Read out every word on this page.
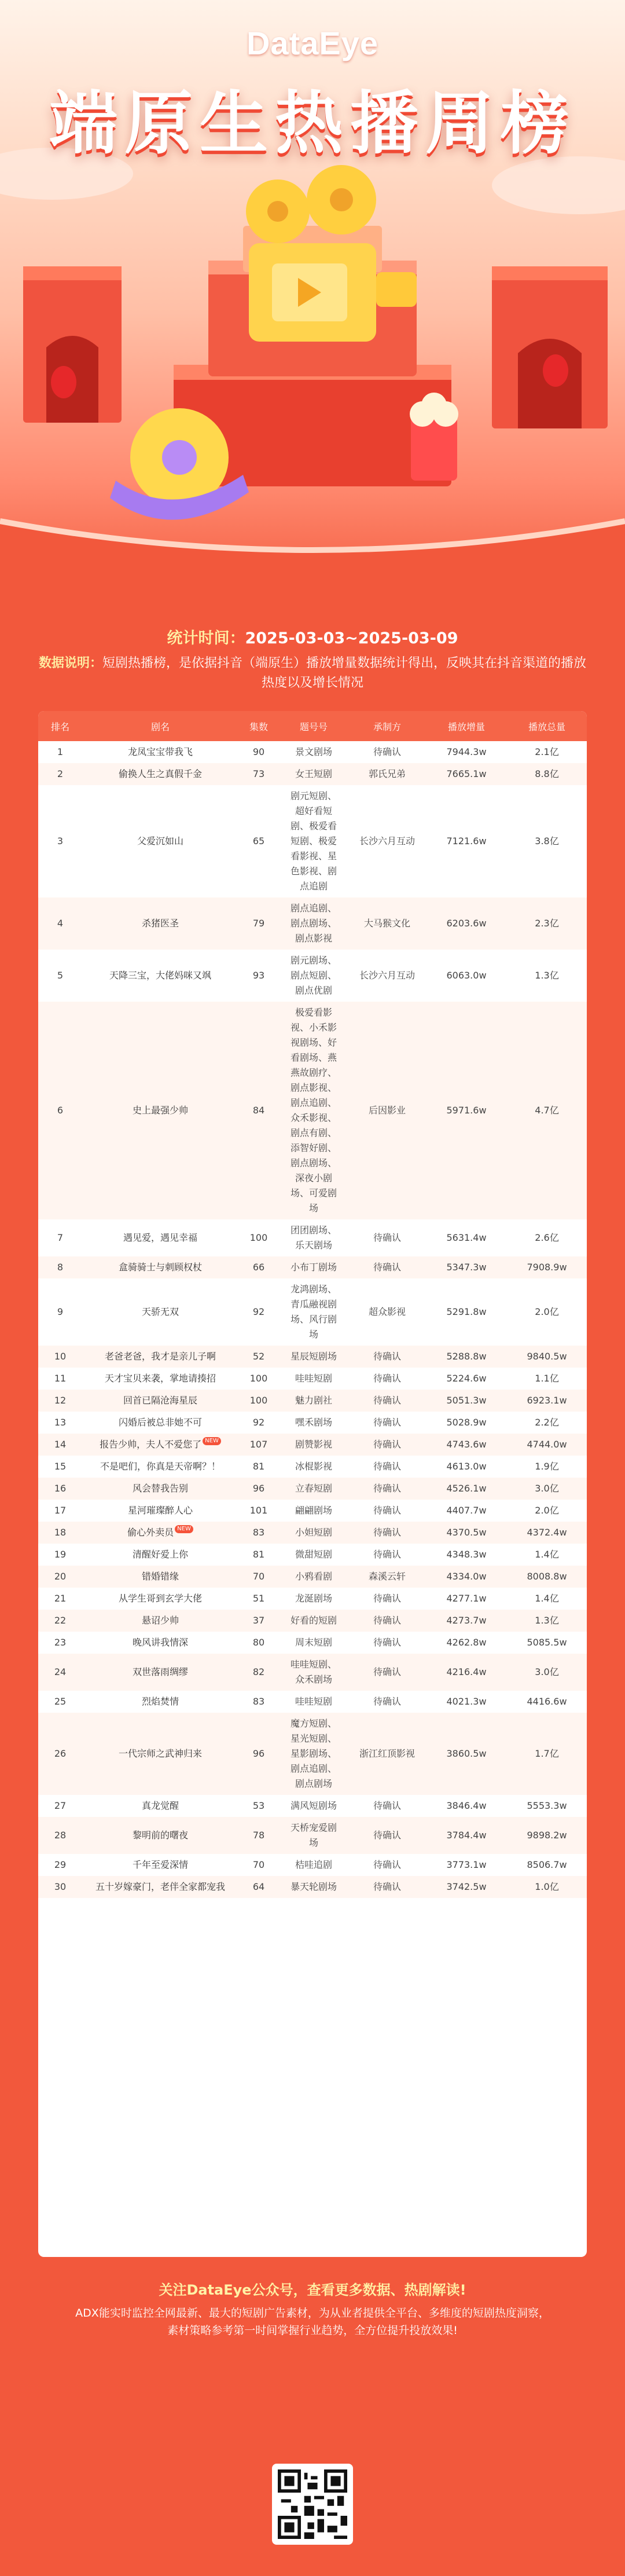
DataEye
端原生热播周榜
统计时间：2025-03-03~2025-03-09
数据说明：短剧热播榜，是依据抖音（端原生）播放增量数据统计得出，反映其在抖音渠道的播放热度以及增长情况
排名	剧名	集数	题号号	承制方	播放增量	播放总量
1	龙凤宝宝带我飞	90	景文剧场	待确认	7944.3w	2.1亿
2	偷换人生之真假千金	73	女王短剧	郭氏兄弟	7665.1w	8.8亿
3	父爱沉如山	65	剧元短剧、超好看短剧、极爱看短剧、极爱看影视、星色影视、剧点追剧	长沙六月互动	7121.6w	3.8亿
4	杀猪医圣	79	剧点追剧、剧点剧场、剧点影视	大马猴文化	6203.6w	2.3亿
5	天降三宝，大佬妈咪又飒	93	剧元剧场、剧点短剧、剧点优剧	长沙六月互动	6063.0w	1.3亿
6	史上最强少帅	84	极爱看影视、小禾影视剧场、好看剧场、燕燕故剧疗、剧点影视、剧点追剧、众禾影视、剧点有剧、添智好剧、剧点剧场、深夜小剧场、可爱剧场	后因影业	5971.6w	4.7亿
7	遇见爱，遇见幸福	100	团团剧场、乐天剧场	待确认	5631.4w	2.6亿
8	盒骑骑士与刺顾权杖	66	小布丁剧场	待确认	5347.3w	7908.9w
9	天骄无双	92	龙鸿剧场、青瓜融视剧场、风行剧场	超众影视	5291.8w	2.0亿
10	老爸老爸，我才是亲儿子啊	52	星辰短剧场	待确认	5288.8w	9840.5w
11	天才宝贝来袭，掌地请揍招	100	哇哇短剧	待确认	5224.6w	1.1亿
12	回首已隔沧海星辰	100	魅力剧社	待确认	5051.3w	6923.1w
13	闪婚后被总非她不可	92	嘿禾剧场	待确认	5028.9w	2.2亿
14	报告少帅，夫人不爱您了 NEW	107	剧赞影视	待确认	4743.6w	4744.0w
15	不是吧们，你真是天帝啊？！	81	冰棍影视	待确认	4613.0w	1.9亿
16	风会替我告别	96	立春短剧	待确认	4526.1w	3.0亿
17	星河璀璨醉人心	101	翩翩剧场	待确认	4407.7w	2.0亿
18	偷心外卖员 NEW	83	小妲短剧	待确认	4370.5w	4372.4w
19	清醒好爱上你	81	微甜短剧	待确认	4348.3w	1.4亿
20	错婚错缘	70	小鸦看剧	森溪云轩	4334.0w	8008.8w
21	从学生哥到玄学大佬	51	龙涎剧场	待确认	4277.1w	1.4亿
22	悬诏少帅	37	好看的短剧	待确认	4273.7w	1.3亿
23	晚风讲我情深	80	周末短剧	待确认	4262.8w	5085.5w
24	双世落雨绸缪	82	哇哇短剧、众禾剧场	待确认	4216.4w	3.0亿
25	烈焰焚情	83	哇哇短剧	待确认	4021.3w	4416.6w
26	一代宗师之武神归来	96	魔方短剧、星光短剧、星影剧场、剧点追剧、剧点剧场	浙江红顶影视	3860.5w	1.7亿
27	真龙觉醒	53	满风短剧场	待确认	3846.4w	5553.3w
28	黎明前的曙夜	78	天桥宠爱剧场	待确认	3784.4w	9898.2w
29	千年至爱深情	70	桔哇追剧	待确认	3773.1w	8506.7w
30	五十岁嫁豪门，老伴全家都宠我	64	暴天轮剧场	待确认	3742.5w	1.0亿
关注DataEye公众号，查看更多数据、热剧解读!
ADX能实时监控全网最新、最大的短剧广告素材，为从业者提供全平台、多维度的短剧热度洞察，素材策略参考第一时间掌握行业趋势，全方位提升投放效果!
